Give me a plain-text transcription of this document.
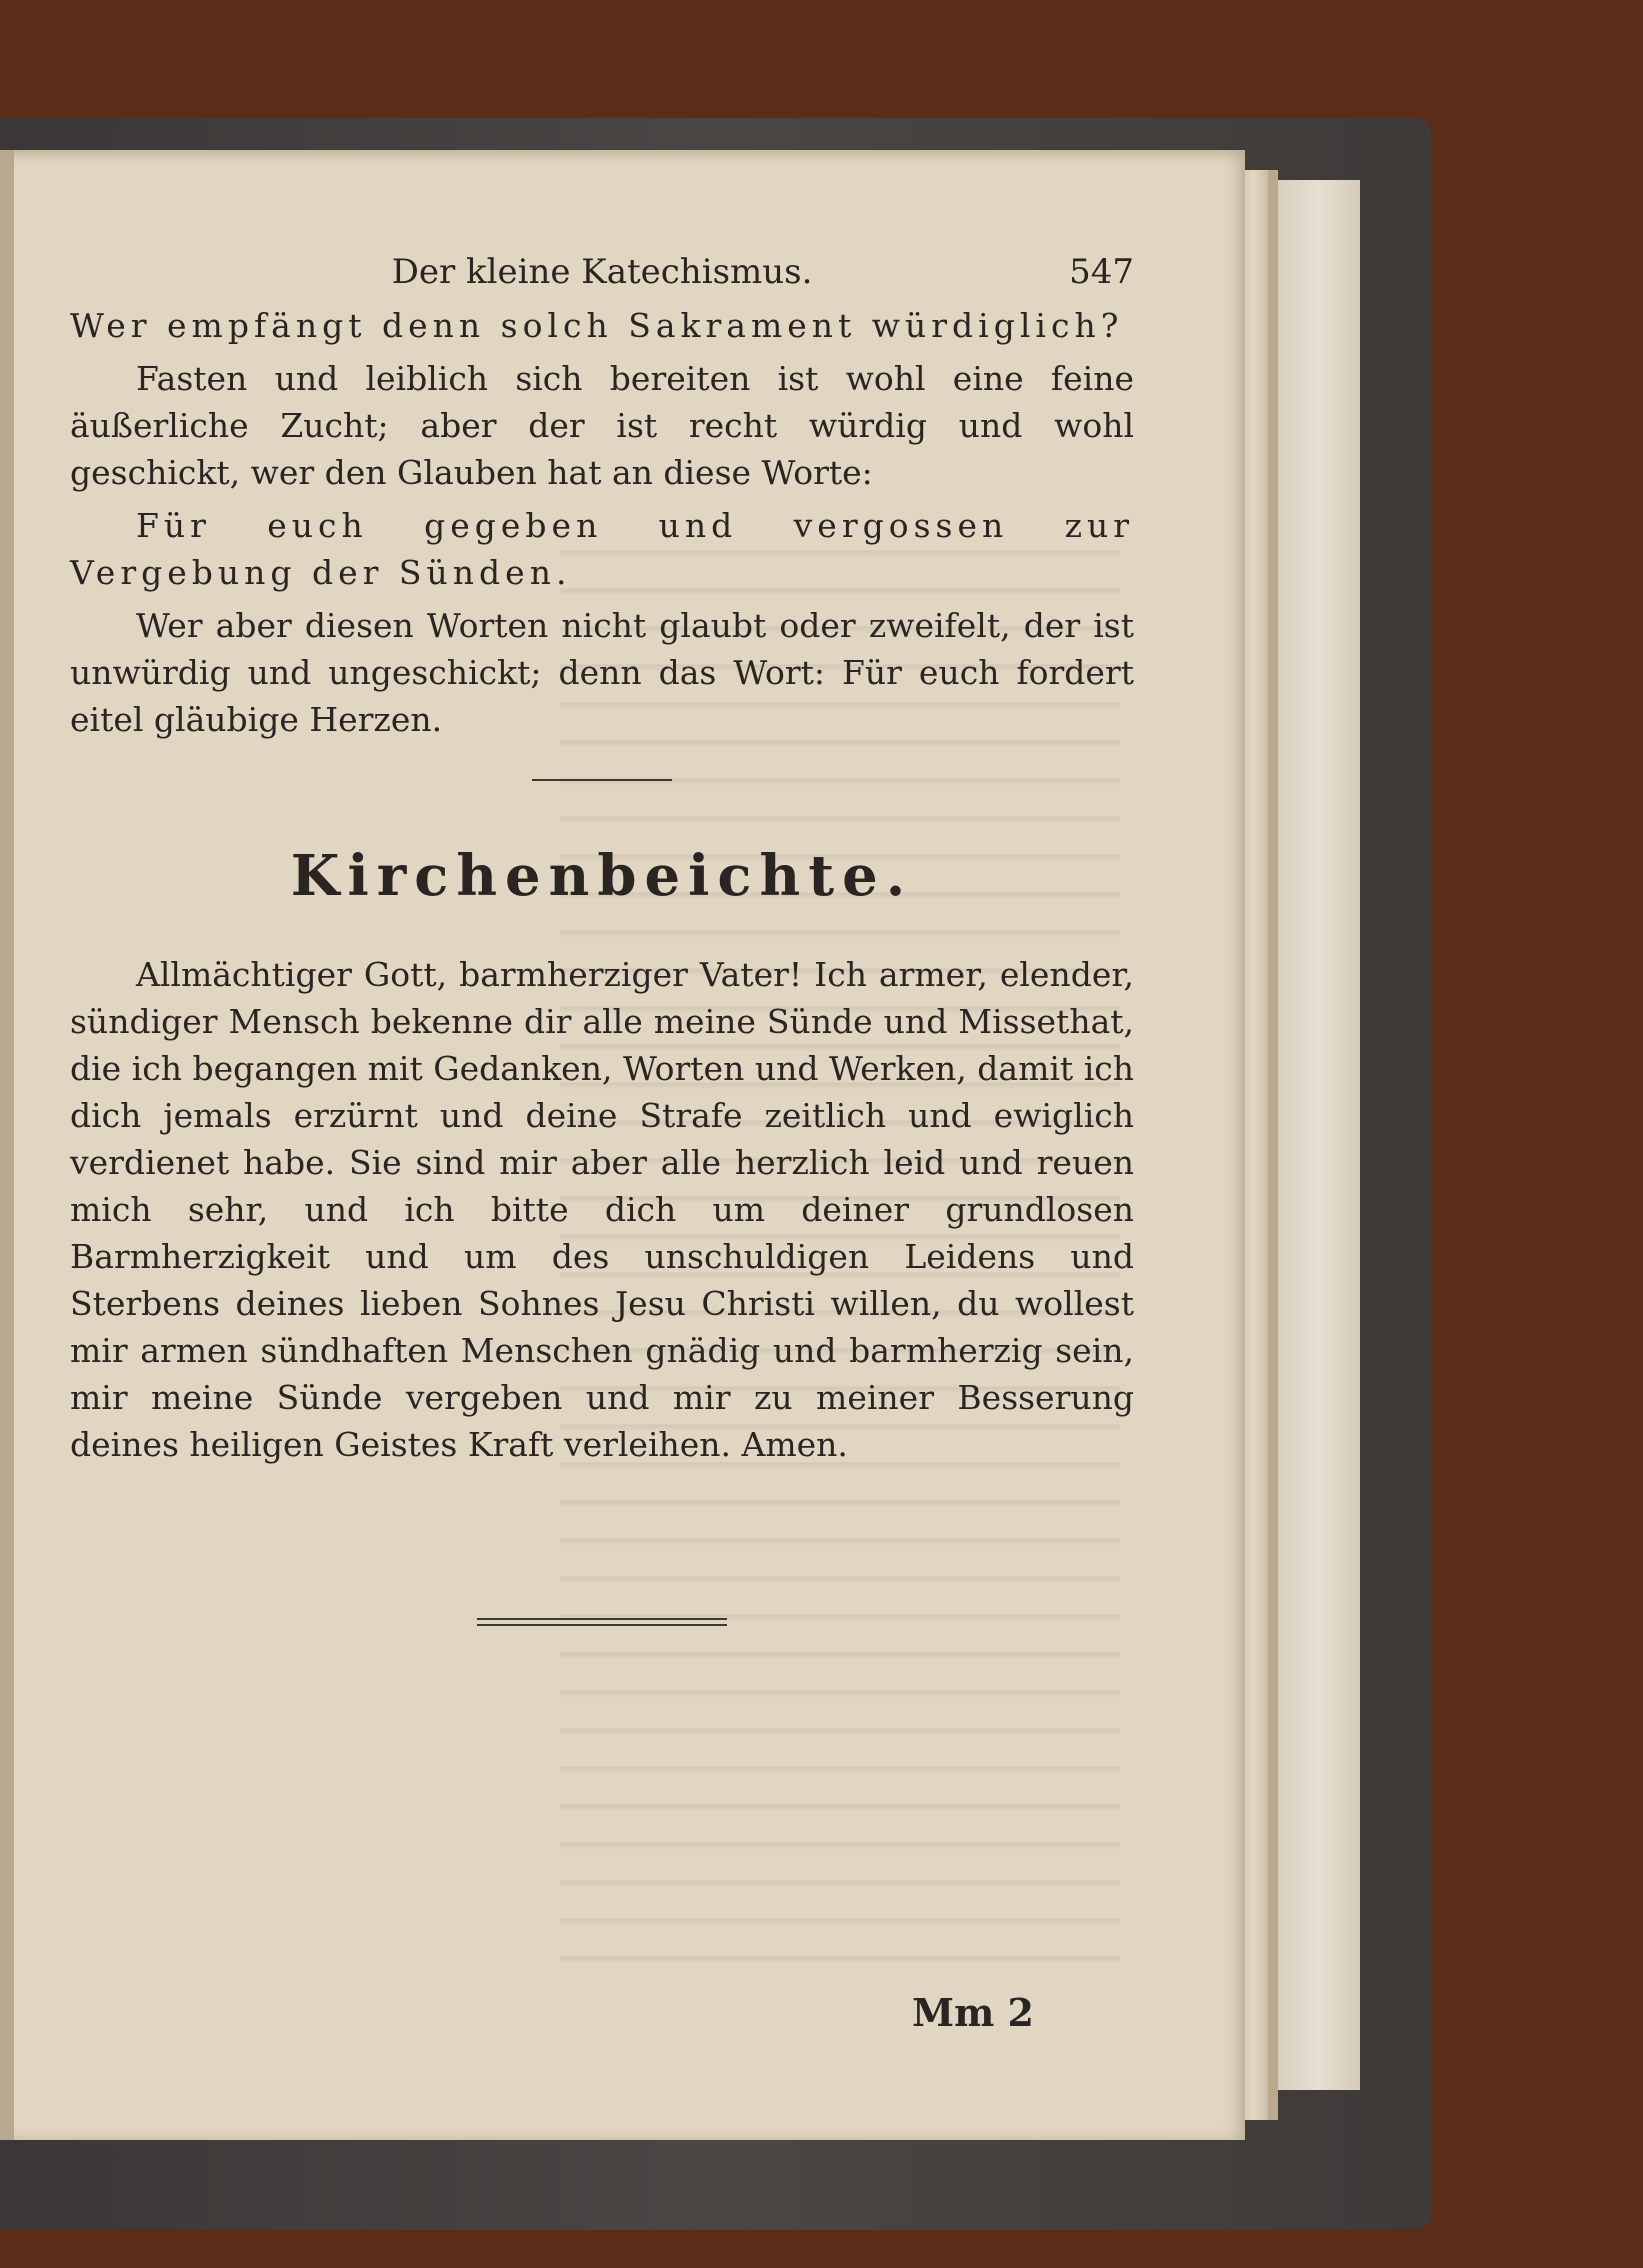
Der kleine Katechismus.	547

Wer empfängt denn solch Sakrament würdiglich?

Fasten und leiblich sich bereiten ist wohl eine feine äußerliche Zucht; aber der ist recht würdig und wohl geschickt, wer den Glauben hat an diese Worte:

Für euch gegeben und vergossen zur Vergebung der Sünden.

Wer aber diesen Worten nicht glaubt oder zweifelt, der ist unwürdig und ungeschickt; denn das Wort: Für euch fordert eitel gläubige Herzen.

Kirchenbeichte.

Allmächtiger Gott, barmherziger Vater! Ich armer, elender, sündiger Mensch bekenne dir alle meine Sünde und Missethat, die ich begangen mit Gedanken, Worten und Werken, damit ich dich jemals erzürnt und deine Strafe zeitlich und ewiglich verdienet habe. Sie sind mir aber alle herzlich leid und reuen mich sehr, und ich bitte dich um deiner grundlosen Barmherzigkeit und um des unschuldigen Leidens und Sterbens deines lieben Sohnes Jesu Christi willen, du wollest mir armen sündhaften Menschen gnädig und barmherzig sein, mir meine Sünde vergeben und mir zu meiner Besserung deines heiligen Geistes Kraft verleihen. Amen.

Mm 2
